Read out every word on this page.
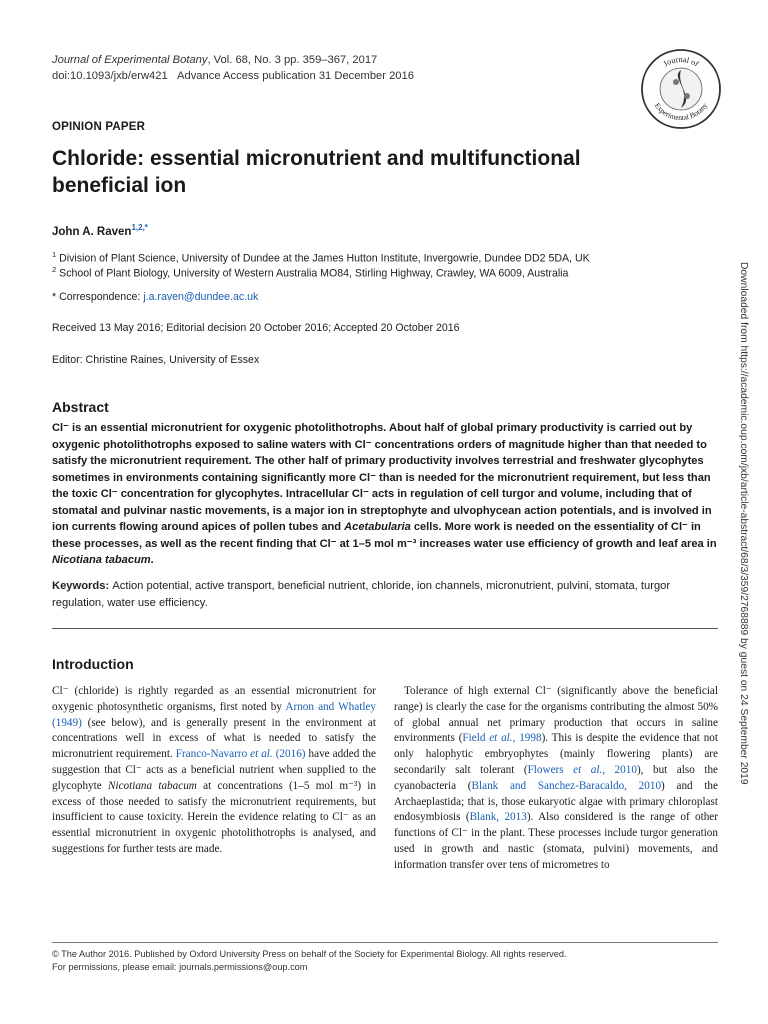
Journal of Experimental Botany, Vol. 68, No. 3 pp. 359–367, 2017
doi:10.1093/jxb/erw421 Advance Access publication 31 December 2016
Journal of
Experimental Botany
OPINION PAPER
Chloride: essential micronutrient and multifunctional beneficial ion
John A. Raven$^{1,2,*}$
$^1$ Division of Plant Science, University of Dundee at the James Hutton Institute, Invergowrie, Dundee DD2 5DA, UK
$^2$ School of Plant Biology, University of Western Australia MO84, Stirling Highway, Crawley, WA 6009, Australia
* Correspondence: j.a.raven@dundee.ac.uk
Received 13 May 2016; Editorial decision 20 October 2016; Accepted 20 October 2016
Editor: Christine Raines, University of Essex
Abstract
Cl⁻ is an essential micronutrient for oxygenic photolithotrophs. About half of global primary productivity is carried out by oxygenic photolithotrophs exposed to saline waters with Cl⁻ concentrations orders of magnitude higher than that needed to satisfy the micronutrient requirement. The other half of primary productivity involves terrestrial and freshwater glycophytes sometimes in environments containing significantly more Cl⁻ than is needed for the micronutrient requirement, but less than the toxic Cl⁻ concentration for glycophytes. Intracellular Cl⁻ acts in regulation of cell turgor and volume, including that of stomatal and pulvinar nastic movements, is a major ion in streptophyte and ulvophycean action potentials, and is involved in ion currents flowing around apices of pollen tubes and Acetabularia cells. More work is needed on the essentiality of Cl⁻ in these processes, as well as the recent finding that Cl⁻ at 1–5 mol m⁻³ increases water use efficiency of growth and leaf area in Nicotiana tabacum.
Keywords: Action potential, active transport, beneficial nutrient, chloride, ion channels, micronutrient, pulvini, stomata, turgor regulation, water use efficiency.
Introduction
Cl⁻ (chloride) is rightly regarded as an essential micronutrient for oxygenic photosynthetic organisms, first noted by Arnon and Whatley (1949) (see below), and is generally present in the environment at concentrations well in excess of what is needed to satisfy the micronutrient requirement. Franco-Navarro et al. (2016) have added the suggestion that Cl⁻ acts as a beneficial nutrient when supplied to the glycophyte Nicotiana tabacum at concentrations (1–5 mol m⁻³) in excess of those needed to satisfy the micronutrient requirements, but insufficient to cause toxicity. Herein the evidence relating to Cl⁻ as an essential micronutrient in oxygenic photolithotrophs is analysed, and suggestions for further tests are made.
Tolerance of high external Cl⁻ (significantly above the beneficial range) is clearly the case for the organisms contributing the almost 50% of global annual net primary production that occurs in saline environments (Field et al., 1998). This is despite the evidence that not only halophytic embryophytes (mainly flowering plants) are secondarily salt tolerant (Flowers et al., 2010), but also the cyanobacteria (Blank and Sanchez-Baracaldo, 2010) and the Archaeplastida; that is, those eukaryotic algae with primary chloroplast endosymbiosis (Blank, 2013). Also considered is the range of other functions of Cl⁻ in the plant. These processes include turgor generation used in growth and nastic (stomata, pulvini) movements, and information transfer over tens of micrometres to
© The Author 2016. Published by Oxford University Press on behalf of the Society for Experimental Biology. All rights reserved.
For permissions, please email: journals.permissions@oup.com
Downloaded from https://academic.oup.com/jxb/article-abstract/68/3/359/2768889 by guest on 24 September 2019
